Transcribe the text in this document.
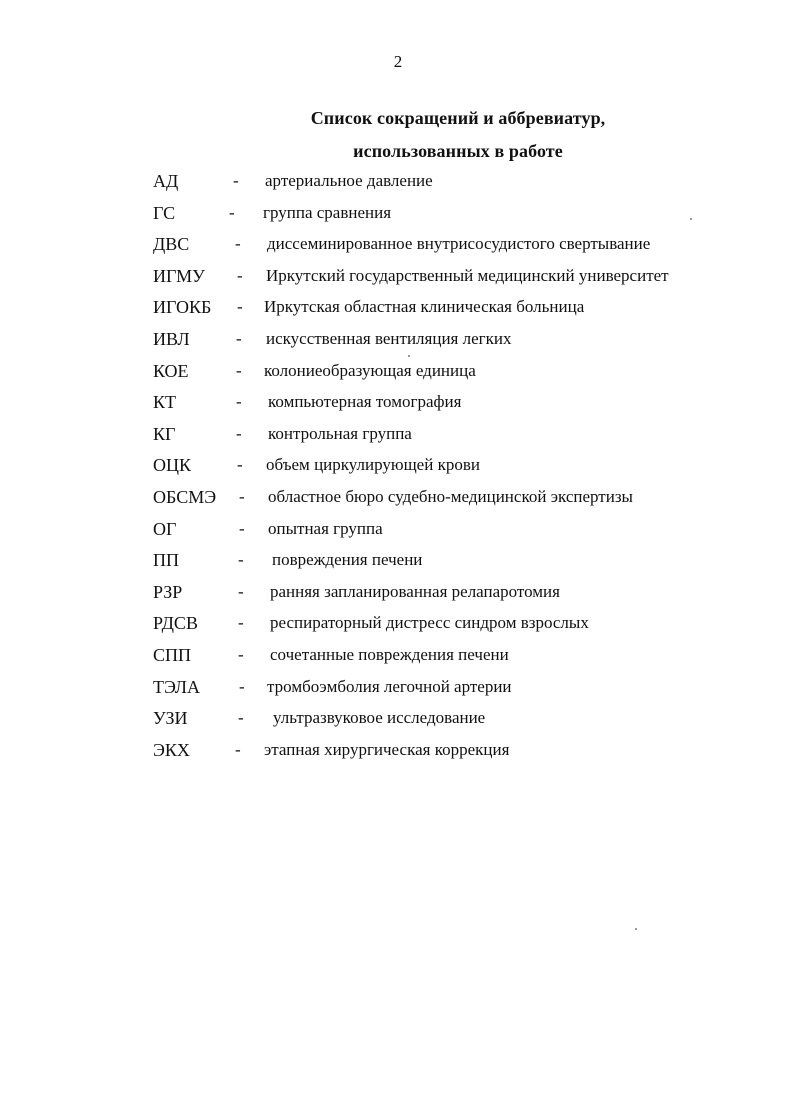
2
Список сокращений и аббревиатур,
использованных в работе
АД	- артериальное давление
ГС	- группа сравнения
ДВС	- диссеминированное внутрисосудистого свертывание
ИГМУ - Иркутский государственный медицинский университет
ИГОКБ - Иркутская областная клиническая больница
ИВЛ	- искусственная вентиляция легких
КОЕ	- колониеобразующая единица
КТ	- компьютерная томография
КГ	- контрольная группа
ОЦК	- объем циркулирующей крови
ОБСМЭ - областное бюро судебно-медицинской экспертизы
ОГ	- опытная группа
ПП	- повреждения печени
РЗР	- ранняя запланированная релапаротомия
РДСВ - респираторный дистресс синдром взрослых
СПП	- сочетанные повреждения печени
ТЭЛА - тромбоэмболия легочной артерии
УЗИ	- ультразвуковое исследование
ЭКХ	- этапная хирургическая коррекция
